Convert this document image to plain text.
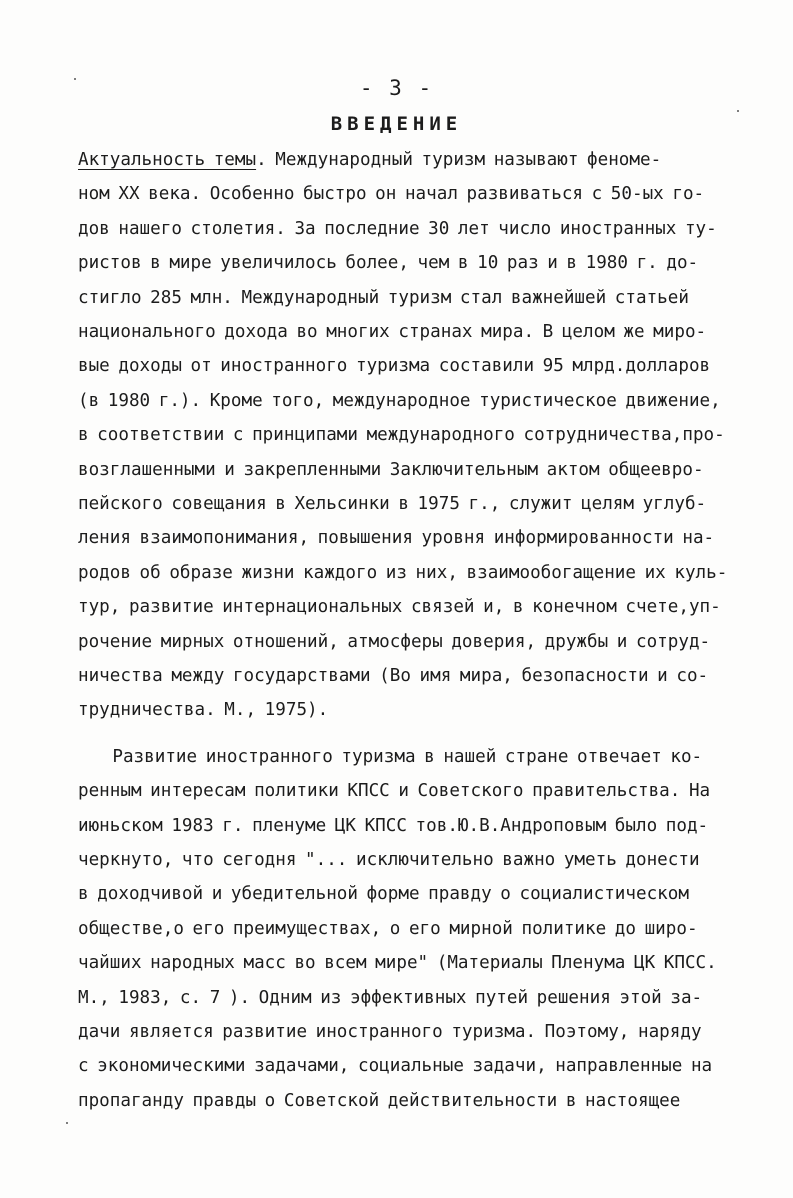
- 3 -
ВВЕДЕНИЕ
Актуальность темы. Международный туризм называют феноме-
ном XX века. Особенно быстро он начал развиваться с 50-ых го-
дов нашего столетия. За последние 30 лет число иностранных ту-
ристов в мире увеличилось более, чем в 10 раз и в 1980 г. до-
стигло 285 млн. Международный туризм стал важнейшей статьей
национального дохода во многих странах мира. В целом же миро-
вые доходы от иностранного туризма составили 95 млрд.долларов
(в 1980 г.). Кроме того, международное туристическое движение,
в соответствии с принципами международного сотрудничества,про-
возглашенными и закрепленными Заключительным актом общеевро-
пейского совещания в Хельсинки в 1975 г., служит целям углуб-
ления взаимопонимания, повышения уровня информированности на-
родов об образе жизни каждого из них, взаимообогащение их куль-
тур, развитие интернациональных связей и, в конечном счете,уп-
рочение мирных отношений, атмосферы доверия, дружбы и сотруд-
ничества между государствами (Во имя мира, безопасности и со-
трудничества. М., 1975).
Развитие иностранного туризма в нашей стране отвечает ко-
ренным интересам политики КПСС и Советского правительства. На
июньском 1983 г. пленуме ЦК КПСС тов.Ю.В.Андроповым было под-
черкнуто, что сегодня "... исключительно важно уметь донести
в доходчивой и убедительной форме правду о социалистическом
обществе,о его преимуществах, о его мирной политике до широ-
чайших народных масс во всем мире" (Материалы Пленума ЦК КПСС.
М., 1983, с. 7 ). Одним из эффективных путей решения этой за-
дачи является развитие иностранного туризма. Поэтому, наряду
с экономическими задачами, социальные задачи, направленные на
пропаганду правды о Советской действительности в настоящее
